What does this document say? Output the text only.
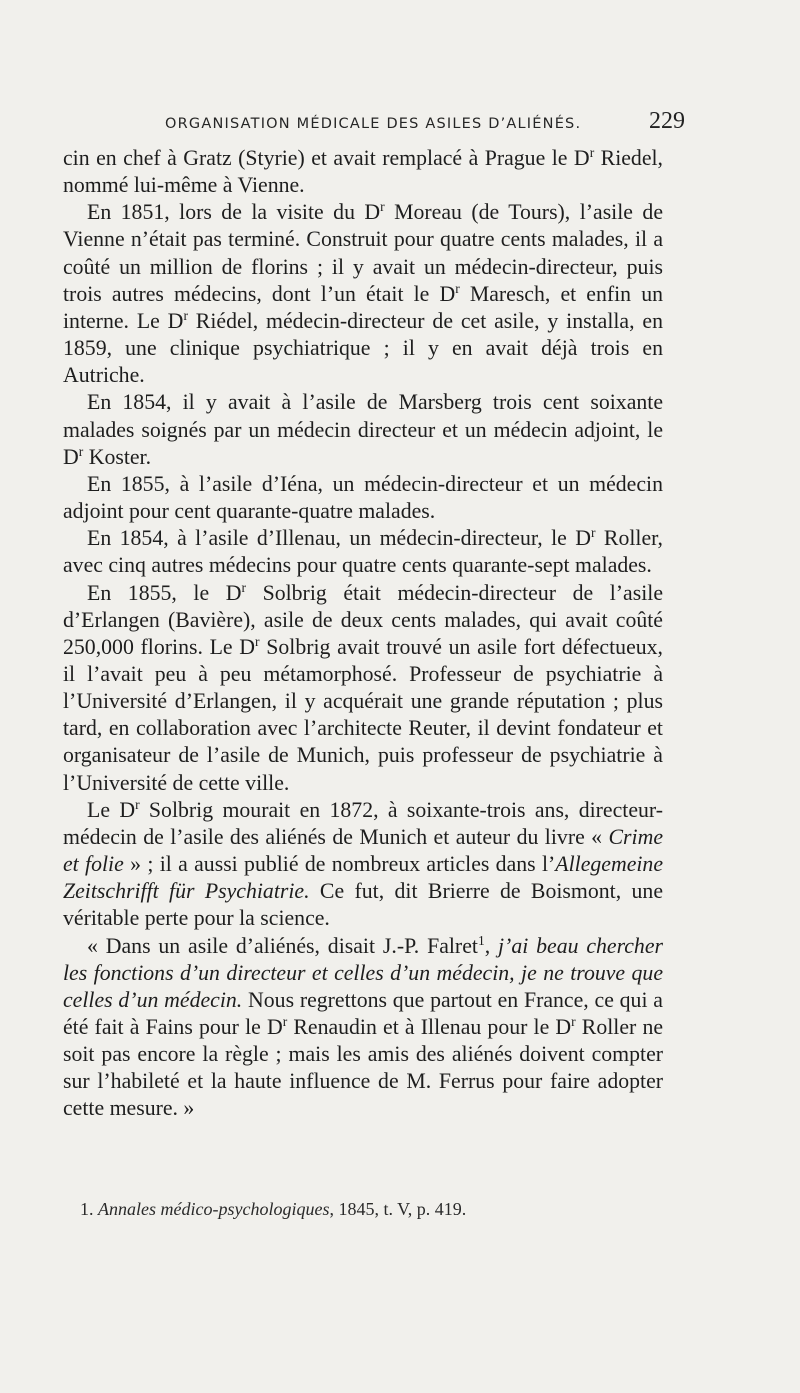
ORGANISATION MÉDICALE DES ASILES D’ALIÉNÉS.	229

cin en chef à Gratz (Styrie) et avait remplacé à Prague le $D^r$ Riedel, nommé lui-même à Vienne.

En 1851, lors de la visite du $D^r$ Moreau (de Tours), l’asile de Vienne n’était pas terminé. Construit pour quatre cents malades, il a coûté un million de florins ; il y avait un médecin-directeur, puis trois autres médecins, dont l’un était le $D^r$ Maresch, et enfin un interne. Le $D^r$ Riédel, médecin-directeur de cet asile, y installa, en 1859, une clinique psychiatrique ; il y en avait déjà trois en Autriche.

En 1854, il y avait à l’asile de Marsberg trois cent soixante malades soignés par un médecin directeur et un médecin adjoint, le $D^r$ Koster.

En 1855, à l’asile d’Iéna, un médecin-directeur et un médecin adjoint pour cent quarante-quatre malades.

En 1854, à l’asile d’Illenau, un médecin-directeur, le $D^r$ Roller, avec cinq autres médecins pour quatre cents quarante-sept malades.

En 1855, le $D^r$ Solbrig était médecin-directeur de l’asile d’Erlangen (Bavière), asile de deux cents malades, qui avait coûté 250,000 florins. Le $D^r$ Solbrig avait trouvé un asile fort défectueux, il l’avait peu à peu métamorphosé. Professeur de psychiatrie à l’Université d’Erlangen, il y acquérait une grande réputation ; plus tard, en collaboration avec l’architecte Reuter, il devint fondateur et organisateur de l’asile de Munich, puis professeur de psychiatrie à l’Université de cette ville.

Le $D^r$ Solbrig mourait en 1872, à soixante-trois ans, directeur-médecin de l’asile des aliénés de Munich et auteur du livre « Crime et folie » ; il a aussi publié de nombreux articles dans l’Allegemeine Zeitschrifft für Psychiatrie. Ce fut, dit Brierre de Boismont, une véritable perte pour la science.

« Dans un asile d’aliénés, disait J.-P. Falret$^1$, j’ai beau chercher les fonctions d’un directeur et celles d’un médecin, je ne trouve que celles d’un médecin. Nous regrettons que partout en France, ce qui a été fait à Fains pour le $D^r$ Renaudin et à Illenau pour le $D^r$ Roller ne soit pas encore la règle ; mais les amis des aliénés doivent compter sur l’habileté et la haute influence de M. Ferrus pour faire adopter cette mesure. »

1. Annales médico-psychologiques, 1845, t. V, p. 419.
